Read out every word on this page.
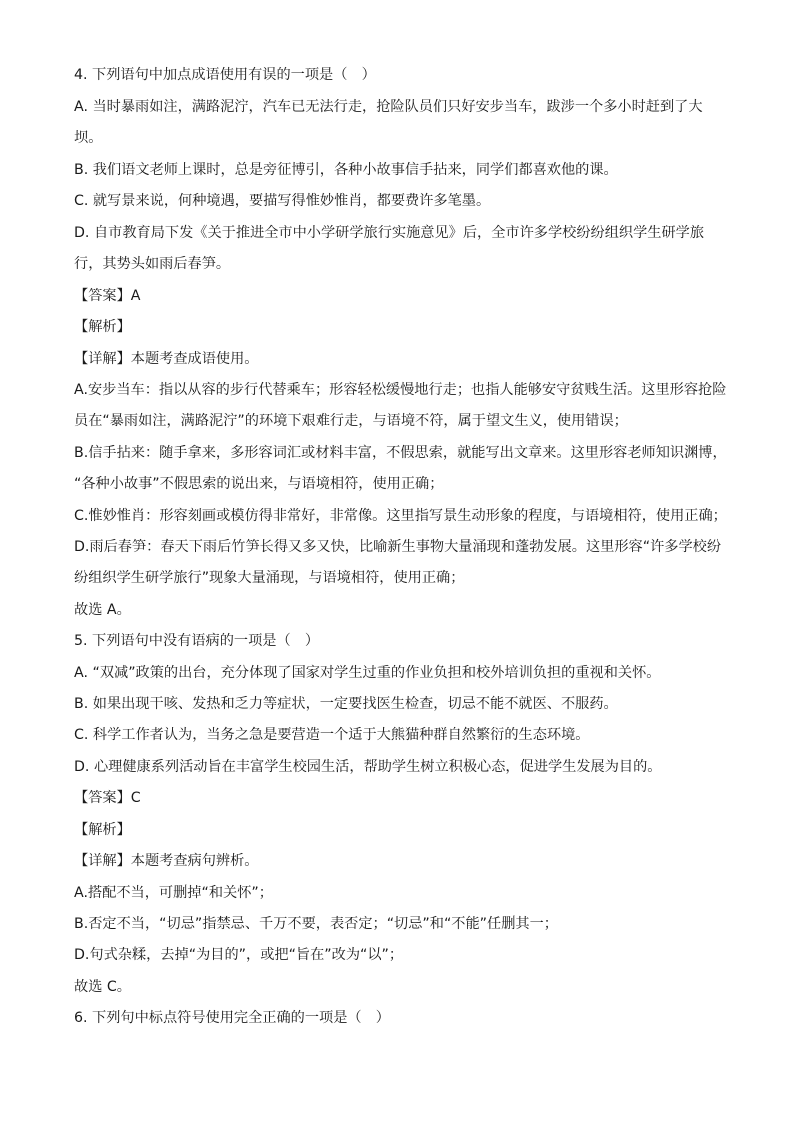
4. 下列语句中加点成语使用有误的一项是（　）
A. 当时暴雨如注，满路泥泞，汽车已无法行走，抢险队员们只好安步当车，跋涉一个多小时赶到了大
坝。
B. 我们语文老师上课时，总是旁征博引，各种小故事信手拈来，同学们都喜欢他的课。
C. 就写景来说，何种境遇，要描写得惟妙惟肖，都要费许多笔墨。
D. 自市教育局下发《关于推进全市中小学研学旅行实施意见》后，全市许多学校纷纷组织学生研学旅
行，其势头如雨后春笋。
【答案】A
【解析】
【详解】本题考查成语使用。
A.安步当车：指以从容的步行代替乘车；形容轻松缓慢地行走；也指人能够安守贫贱生活。这里形容抢险
员在“暴雨如注，满路泥泞”的环境下艰难行走，与语境不符，属于望文生义，使用错误；
B.信手拈来：随手拿来，多形容词汇或材料丰富，不假思索，就能写出文章来。这里形容老师知识渊博，
“各种小故事”不假思索的说出来，与语境相符，使用正确；
C.惟妙惟肖：形容刻画或模仿得非常好，非常像。这里指写景生动形象的程度，与语境相符，使用正确；
D.雨后春笋：春天下雨后竹笋长得又多又快，比喻新生事物大量涌现和蓬勃发展。这里形容“许多学校纷
纷组织学生研学旅行”现象大量涌现，与语境相符，使用正确；
故选 A。
5. 下列语句中没有语病的一项是（　）
A. “双减”政策的出台，充分体现了国家对学生过重的作业负担和校外培训负担的重视和关怀。
B. 如果出现干咳、发热和乏力等症状，一定要找医生检查，切忌不能不就医、不服药。
C. 科学工作者认为，当务之急是要营造一个适于大熊猫种群自然繁衍的生态环境。
D. 心理健康系列活动旨在丰富学生校园生活，帮助学生树立积极心态，促进学生发展为目的。
【答案】C
【解析】
【详解】本题考查病句辨析。
A.搭配不当，可删掉“和关怀”；
B.否定不当，“切忌”指禁忌、千万不要，表否定；“切忌”和“不能”任删其一；
D.句式杂糅，去掉“为目的”，或把“旨在”改为“以”；
故选 C。
6. 下列句中标点符号使用完全正确的一项是（　）
